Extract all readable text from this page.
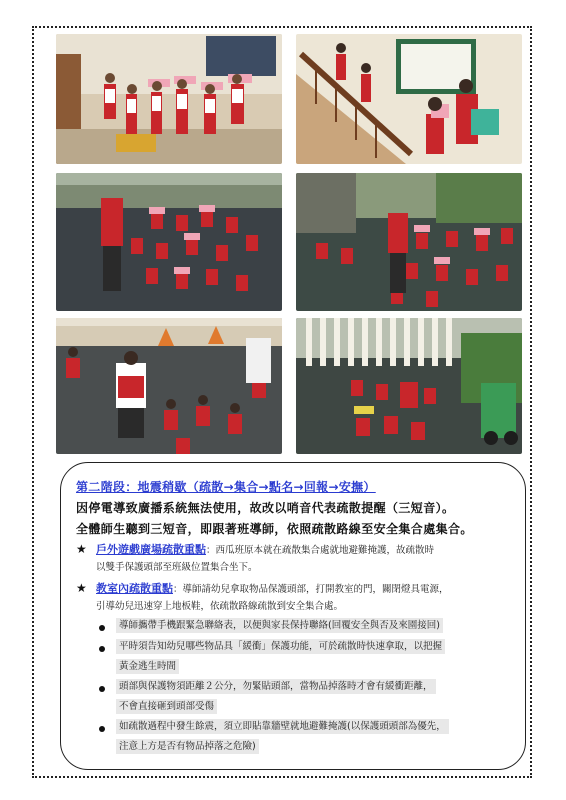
第二階段：地震稍歇（疏散→集合→點名→回報→安撫）
因停電導致廣播系統無法使用，故改以哨音代表疏散提醒（三短音）。
全體師生聽到三短音，即跟著班導師，依照疏散路線至安全集合處集合。
★ 戶外遊戲廣場疏散重點：西瓜班原本就在疏散集合處就地避難掩護，故疏散時
以雙手保護頭部至班級位置集合坐下。
★ 教室內疏散重點：導師請幼兒拿取物品保護頭部，打開教室的門，關閉燈具電源，
引導幼兒迅速穿上地板鞋，依疏散路線疏散到安全集合處。
導師攜帶手機跟緊急聯絡表，以便與家長保持聯絡(回覆安全與否及來園接回)
平時須告知幼兒哪些物品具「緩衝」保護功能，可於疏散時快速拿取，以把握
黃金逃生時間
頭部與保護物須距離２公分，勿緊貼頭部，當物品掉落時才會有緩衝距離，
不會直接砸到頭部受傷
如疏散過程中發生餘震，須立即貼靠牆壁就地避難掩護(以保護頭頭部為優先，
注意上方是否有物品掉落之危險)
